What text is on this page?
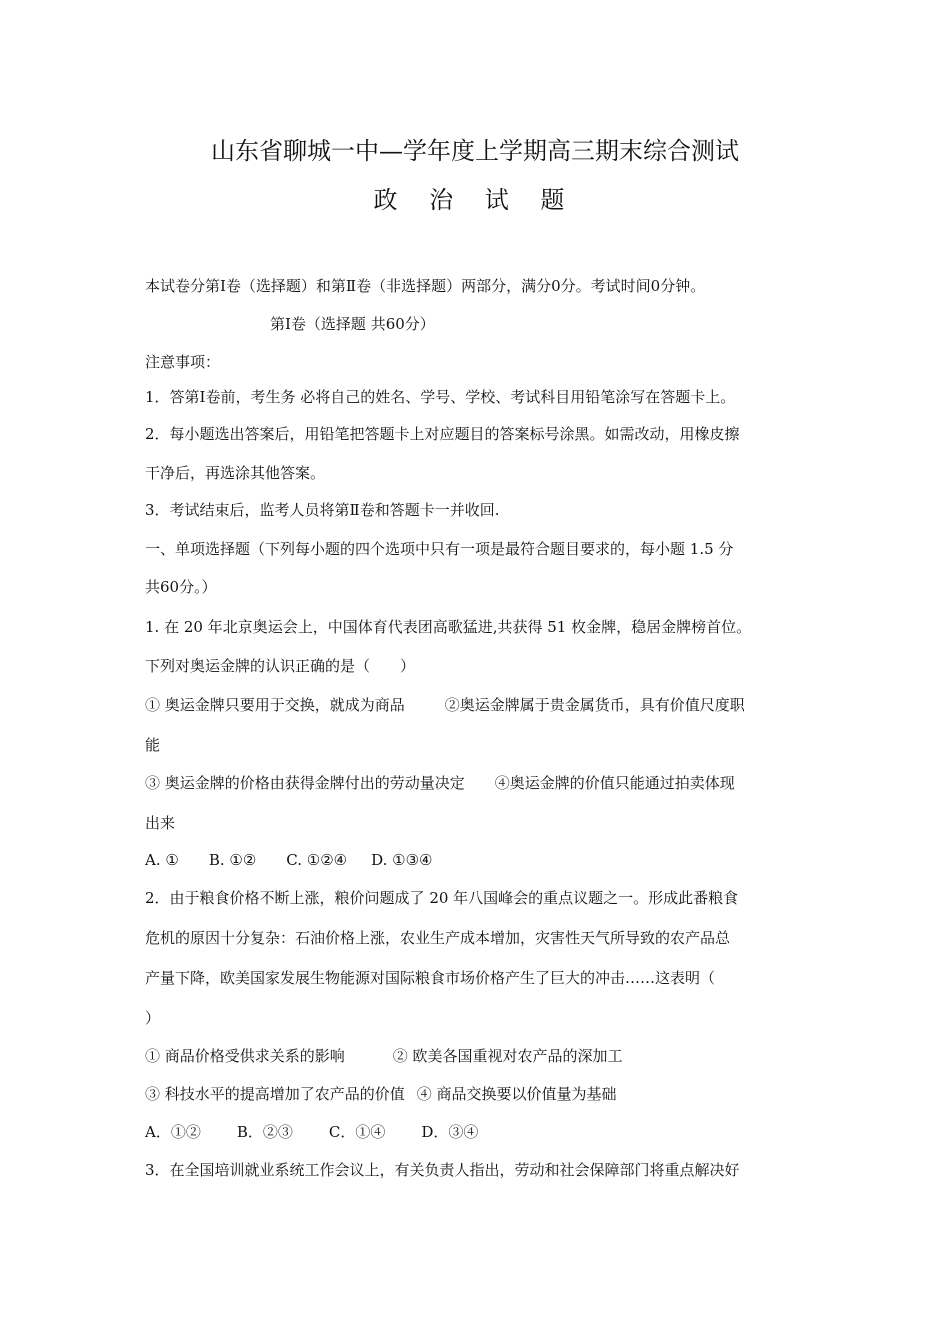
山东省聊城一中—学年度上学期高三期末综合测试
政 治 试 题
本试卷分第Ⅰ卷（选择题）和第Ⅱ卷（非选择题）两部分，满分0分。考试时间0分钟。
第Ⅰ卷（选择题 共60分）
注意事项：
1．答第Ⅰ卷前，考生务 必将自己的姓名、学号、学校、考试科目用铅笔涂写在答题卡上。
2．每小题选出答案后，用铅笔把答题卡上对应题目的答案标号涂黑。如需改动，用橡皮擦
干净后，再选涂其他答案。
3．考试结束后，监考人员将第Ⅱ卷和答题卡一并收回.
一、单项选择题（下列每小题的四个选项中只有一项是最符合题目要求的，每小题 1.5 分
共60分。）
1. 在 20 年北京奥运会上，中国体育代表团高歌猛进,共获得 51 枚金牌，稳居金牌榜首位。
下列对奥运金牌的认识正确的是（　　）
① 奥运金牌只要用于交换，就成为商品	②奥运金牌属于贵金属货币，具有价值尺度职
能
③ 奥运金牌的价格由获得金牌付出的劳动量决定 ④奥运金牌的价值只能通过拍卖体现
出来
A. ① B. ①② C. ①②④ D. ①③④
2．由于粮食价格不断上涨，粮价问题成了 20 年八国峰会的重点议题之一。形成此番粮食
危机的原因十分复杂：石油价格上涨，农业生产成本增加，灾害性天气所导致的农产品总
产量下降，欧美国家发展生物能源对国际粮食市场价格产生了巨大的冲击……这表明（
）
① 商品价格受供求关系的影响	② 欧美各国重视对农产品的深加工
③ 科技水平的提高增加了农产品的价值 ④ 商品交换要以价值量为基础
A．①② B．②③ C．①④ D．③④
3．在全国培训就业系统工作会议上，有关负责人指出，劳动和社会保障部门将重点解决好
